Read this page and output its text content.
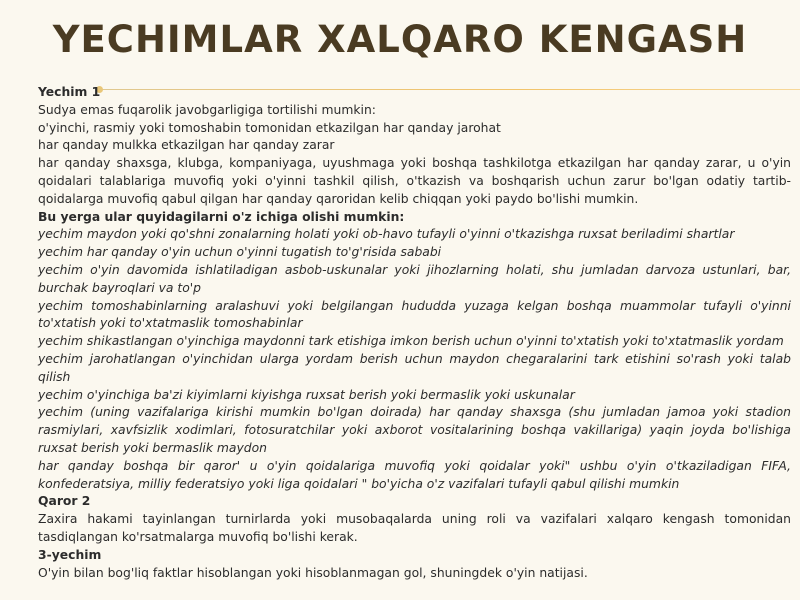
YECHIMLAR XALQARO KENGASH

Yechim 1

Sudya emas fuqarolik javobgarligiga tortilishi mumkin:

o'yinchi, rasmiy yoki tomoshabin tomonidan etkazilgan har qanday jarohat

har qanday mulkka etkazilgan har qanday zarar

har qanday shaxsga, klubga, kompaniyaga, uyushmaga yoki boshqa tashkilotga etkazilgan har qanday zarar, u o'yin qoidalari talablariga muvofiq yoki o'yinni tashkil qilish, o'tkazish va boshqarish uchun zarur bo'lgan odatiy tartib-qoidalarga muvofiq qabul qilgan har qanday qaroridan kelib chiqqan yoki paydo bo'lishi mumkin.

Bu yerga ular quyidagilarni o'z ichiga olishi mumkin:

yechim maydon yoki qo'shni zonalarning holati yoki ob-havo tufayli o'yinni o'tkazishga ruxsat beriladimi shartlar

yechim har qanday o'yin uchun o'yinni tugatish to'g'risida sababi

yechim o'yin davomida ishlatiladigan asbob-uskunalar yoki jihozlarning holati, shu jumladan darvoza ustunlari, bar, burchak bayroqlari va to'p

yechim tomoshabinlarning aralashuvi yoki belgilangan hududda yuzaga kelgan boshqa muammolar tufayli o'yinni to'xtatish yoki to'xtatmaslik tomoshabinlar

yechim shikastlangan o'yinchiga maydonni tark etishiga imkon berish uchun o'yinni to'xtatish yoki to'xtatmaslik yordam

yechim jarohatlangan o'yinchidan ularga yordam berish uchun maydon chegaralarini tark etishini so'rash yoki talab qilish

yechim o'yinchiga ba'zi kiyimlarni kiyishga ruxsat berish yoki bermaslik yoki uskunalar

yechim (uning vazifalariga kirishi mumkin bo'lgan doirada) har qanday shaxsga (shu jumladan jamoa yoki stadion rasmiylari, xavfsizlik xodimlari, fotosuratchilar yoki axborot vositalarining boshqa vakillariga) yaqin joyda bo'lishiga ruxsat berish yoki bermaslik maydon

har qanday boshqa bir qaror' u o'yin qoidalariga muvofiq yoki qoidalar yoki" ushbu o'yin o'tkaziladigan FIFA, konfederatsiya, milliy federatsiyo yoki liga qoidalari " bo'yicha o'z vazifalari tufayli qabul qilishi mumkin

Qaror 2

Zaxira hakami tayinlangan turnirlarda yoki musobaqalarda uning roli va vazifalari xalqaro kengash tomonidan tasdiqlangan ko'rsatmalarga muvofiq bo'lishi kerak.

3-yechim

O'yin bilan bog'liq faktlar hisoblangan yoki hisoblanmagan gol, shuningdek o'yin natijasi.
